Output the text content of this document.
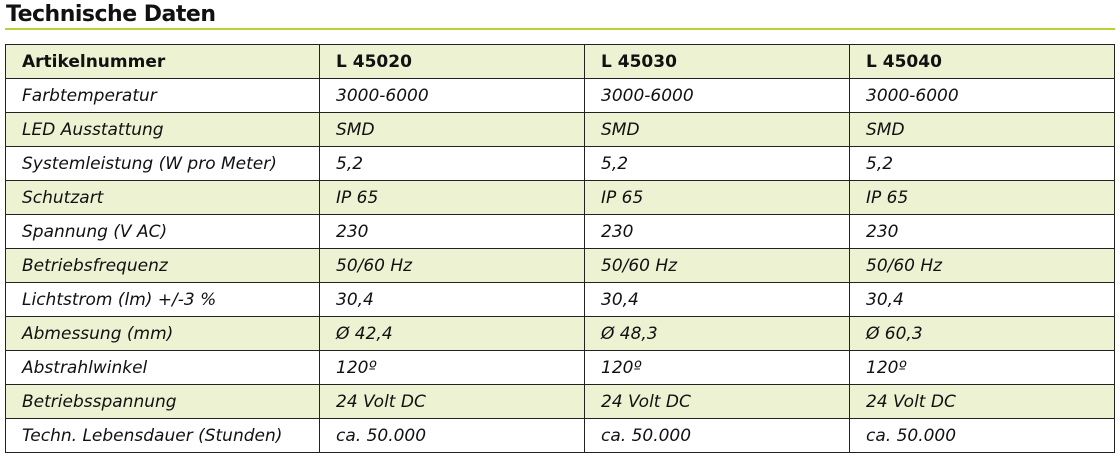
Technische Daten
Artikelnummer	L 45020	L 45030	L 45040
Farbtemperatur	3000-6000	3000-6000	3000-6000
LED Ausstattung	SMD	SMD	SMD
Systemleistung (W pro Meter)	5,2	5,2	5,2
Schutzart	IP 65	IP 65	IP 65
Spannung (V AC)	230	230	230
Betriebsfrequenz	50/60 Hz	50/60 Hz	50/60 Hz
Lichtstrom (lm) +/-3 %	30,4	30,4	30,4
Abmessung (mm)	Ø 42,4	Ø 48,3	Ø 60,3
Abstrahlwinkel	120º	120º	120º
Betriebsspannung	24 Volt DC	24 Volt DC	24 Volt DC
Techn. Lebensdauer (Stunden)	ca. 50.000	ca. 50.000	ca. 50.000
